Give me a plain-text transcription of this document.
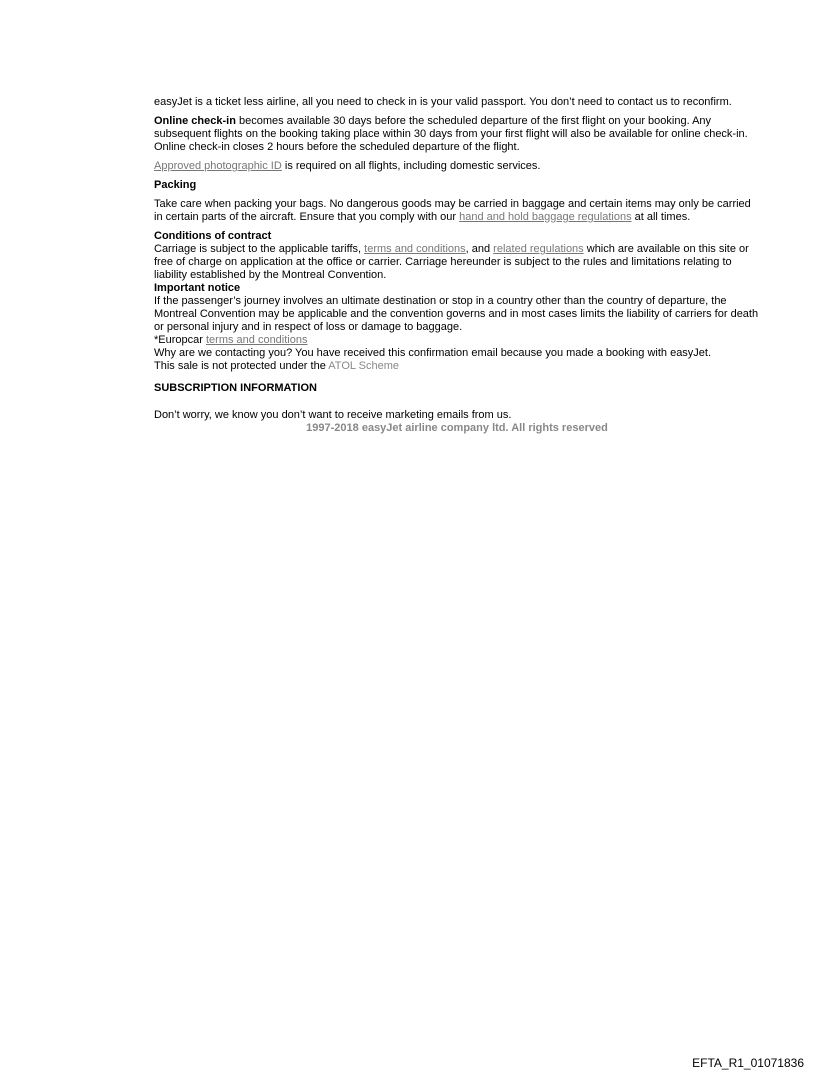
easyJet is a ticket less airline, all you need to check in is your valid passport. You don’t need to contact us to reconfirm.

Online check-in becomes available 30 days before the scheduled departure of the first flight on your booking. Any subsequent flights on the booking taking place within 30 days from your first flight will also be available for online check-in. Online check-in closes 2 hours before the scheduled departure of the flight.

Approved photographic ID is required on all flights, including domestic services.

Packing

Take care when packing your bags. No dangerous goods may be carried in baggage and certain items may only be carried in certain parts of the aircraft. Ensure that you comply with our hand and hold baggage regulations at all times.

Conditions of contract

Carriage is subject to the applicable tariffs, terms and conditions, and related regulations which are available on this site or free of charge on application at the office or carrier. Carriage hereunder is subject to the rules and limitations relating to liability established by the Montreal Convention.

Important notice

If the passenger’s journey involves an ultimate destination or stop in a country other than the country of departure, the Montreal Convention may be applicable and the convention governs and in most cases limits the liability of carriers for death or personal injury and in respect of loss or damage to baggage.

*Europcar terms and conditions

Why are we contacting you? You have received this confirmation email because you made a booking with easyJet.

This sale is not protected under the ATOL Scheme

SUBSCRIPTION INFORMATION

Don’t worry, we know you don’t want to receive marketing emails from us.

1997-2018 easyJet airline company ltd. All rights reserved

EFTA_R1_01071836
